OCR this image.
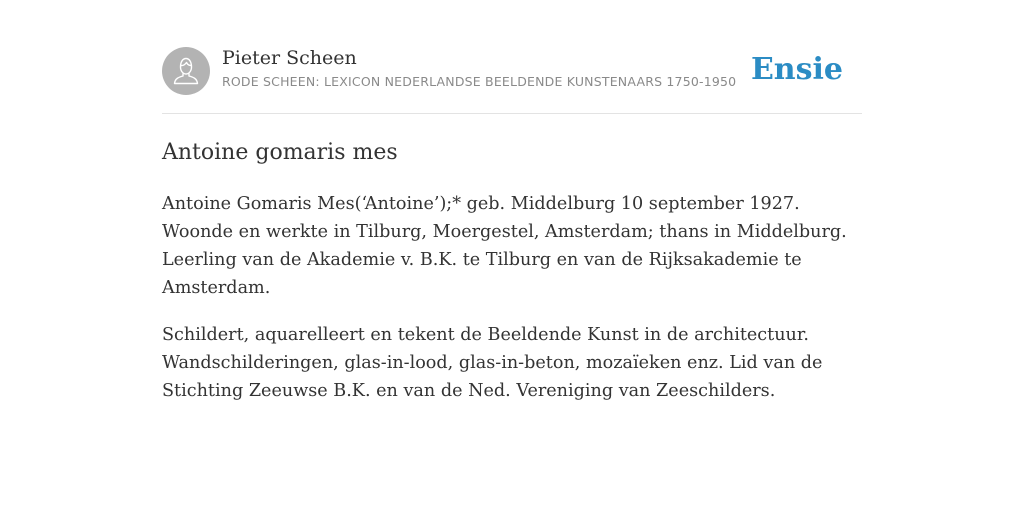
Pieter Scheen
RODE SCHEEN: LEXICON NEDERLANDSE BEELDENDE KUNSTENAARS 1750-1950 Ensie
Antoine gomaris mes

Antoine Gomaris Mes(‘Antoine’);* geb. Middelburg 10 september 1927. Woonde en werkte in Tilburg, Moergestel, Amsterdam; thans in Middelburg. Leerling van de Akademie v. B.K. te Tilburg en van de Rijksakademie te Amsterdam.

Schildert, aquarelleert en tekent de Beeldende Kunst in de architectuur. Wandschilderingen, glas-in-lood, glas-in-beton, mozaïeken enz. Lid van de Stichting Zeeuwse B.K. en van de Ned. Vereniging van Zeeschilders.
